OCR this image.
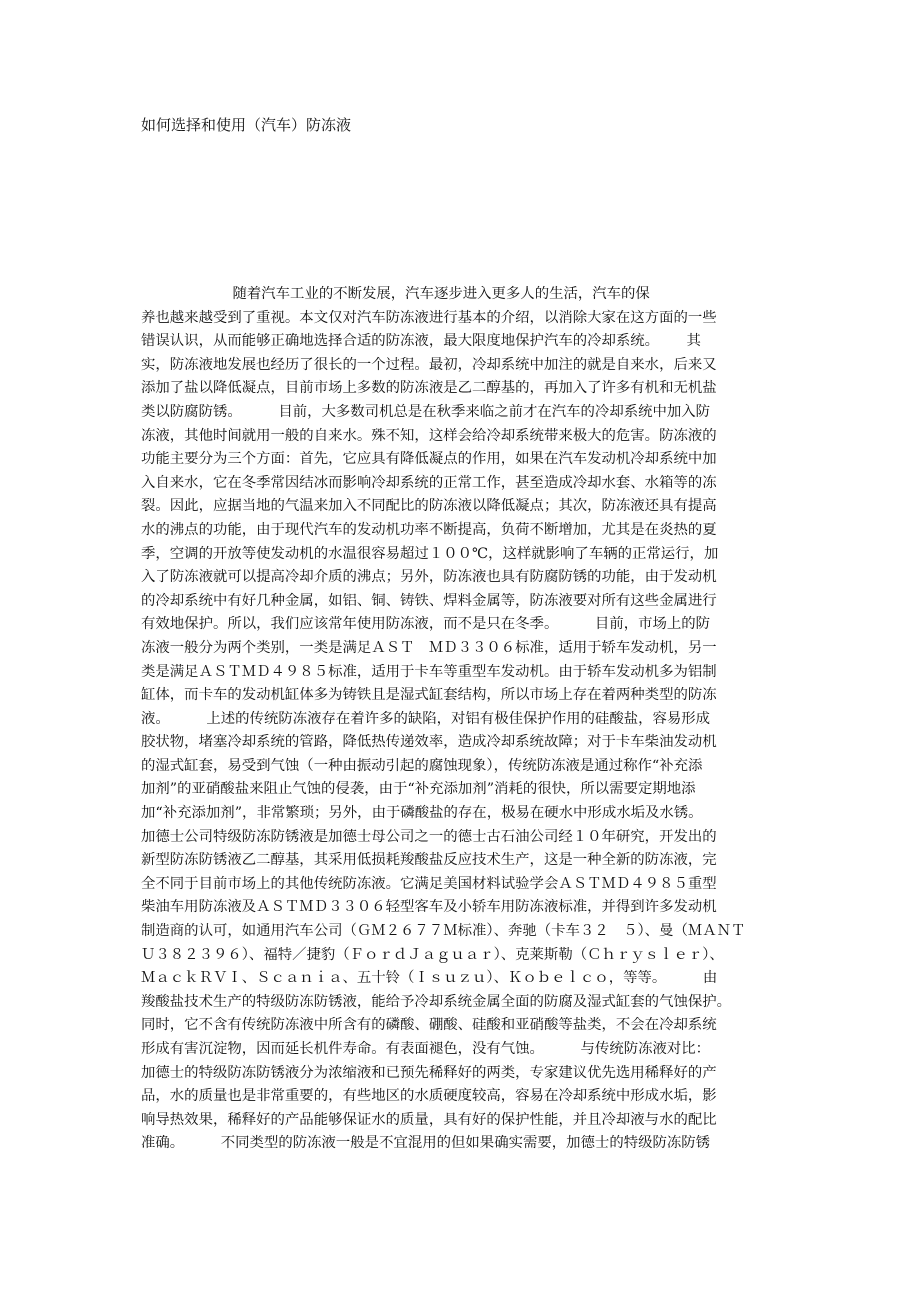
如何选择和使用（汽车）防冻液
随着汽车工业的不断发展，汽车逐步进入更多人的生活，汽车的保
养也越来越受到了重视。本文仅对汽车防冻液进行基本的介绍，以消除大家在这方面的一些
错误认识，从而能够正确地选择合适的防冻液，最大限度地保护汽车的冷却系统。      其
实，防冻液地发展也经历了很长的一个过程。最初，冷却系统中加注的就是自来水，后来又
添加了盐以降低凝点，目前市场上多数的防冻液是乙二醇基的，再加入了许多有机和无机盐
类以防腐防锈。        目前，大多数司机总是在秋季来临之前才在汽车的冷却系统中加入防
冻液，其他时间就用一般的自来水。殊不知，这样会给冷却系统带来极大的危害。防冻液的
功能主要分为三个方面：首先，它应具有降低凝点的作用，如果在汽车发动机冷却系统中加
入自来水，它在冬季常因结冰而影响冷却系统的正常工作，甚至造成冷却水套、水箱等的冻
裂。因此，应据当地的气温来加入不同配比的防冻液以降低凝点；其次，防冻液还具有提高
水的沸点的功能，由于现代汽车的发动机功率不断提高，负荷不断增加，尤其是在炎热的夏
季，空调的开放等使发动机的水温很容易超过１００℃，这样就影响了车辆的正常运行，加
入了防冻液就可以提高冷却介质的沸点；另外，防冻液也具有防腐防锈的功能，由于发动机
的冷却系统中有好几种金属，如铝、铜、铸铁、焊料金属等，防冻液要对所有这些金属进行
有效地保护。所以，我们应该常年使用防冻液，而不是只在冬季。        目前，市场上的防
冻液一般分为两个类别，一类是满足ＡＳＴ　ＭＤ３３０６标准，适用于轿车发动机，另一
类是满足ＡＳＴＭＤ４９８５标准，适用于卡车等重型车发动机。由于轿车发动机多为铝制
缸体，而卡车的发动机缸体多为铸铁且是湿式缸套结构，所以市场上存在着两种类型的防冻
液。        上述的传统防冻液存在着许多的缺陷，对铝有极佳保护作用的硅酸盐，容易形成
胶状物，堵塞冷却系统的管路，降低热传递效率，造成冷却系统故障；对于卡车柴油发动机
的湿式缸套，易受到气蚀（一种由振动引起的腐蚀现象），传统防冻液是通过称作“补充添
加剂”的亚硝酸盐来阻止气蚀的侵袭，由于“补充添加剂”消耗的很快，所以需要定期地添
加“补充添加剂”，非常繁琐；另外，由于磷酸盐的存在，极易在硬水中形成水垢及水锈。
加德士公司特级防冻防锈液是加德士母公司之一的德士古石油公司经１０年研究，开发出的
新型防冻防锈液乙二醇基，其采用低损耗羧酸盐反应技术生产，这是一种全新的防冻液，完
全不同于目前市场上的其他传统防冻液。它满足美国材料试验学会ＡＳＴＭＤ４９８５重型
柴油车用防冻液及ＡＳＴＭＤ３３０６轻型客车及小轿车用防冻液标准，并得到许多发动机
制造商的认可，如通用汽车公司（ＧＭ２６７７Ｍ标准）、奔驰（卡车３２　５）、曼（ＭＡＮＴ
Ｕ３８２３９６）、福特／捷豹（ＦｏｒｄＪａｇｕａｒ）、克莱斯勒（Ｃｈｒｙｓｌｅｒ）、
ＭａｃｋＲＶＩ、Ｓｃａｎｉａ、五十铃（Ｉｓｕｚｕ）、Ｋｏｂｅｌｃｏ，等等。        由
羧酸盐技术生产的特级防冻防锈液，能给予冷却系统金属全面的防腐及湿式缸套的气蚀保护。
同时，它不含有传统防冻液中所含有的磷酸、硼酸、硅酸和亚硝酸等盐类，不会在冷却系统
形成有害沉淀物，因而延长机件寿命。有表面褪色，没有气蚀。        与传统防冻液对比：
加德士的特级防冻防锈液分为浓缩液和已预先稀释好的两类，专家建议优先选用稀释好的产
品，水的质量也是非常重要的，有些地区的水质硬度较高，容易在冷却系统中形成水垢，影
响导热效果，稀释好的产品能够保证水的质量，具有好的保护性能，并且冷却液与水的配比
准确。        不同类型的防冻液一般是不宜混用的但如果确实需要，加德士的特级防冻防锈
